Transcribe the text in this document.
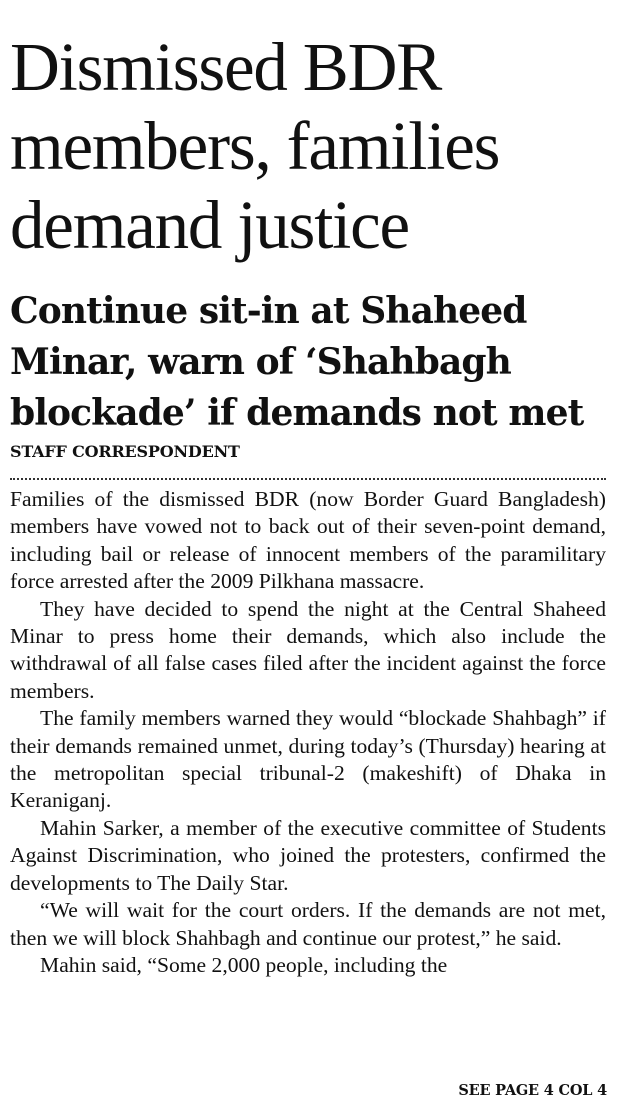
Dismissed BDR members, families demand justice
Continue sit-in at Shaheed Minar, warn of ‘Shahbagh blockade’ if demands not met
STAFF CORRESPONDENT

Families of the dismissed BDR (now Border Guard Bangladesh) members have vowed not to back out of their seven-point demand, including bail or release of innocent members of the paramilitary force arrested after the 2009 Pilkhana massacre.

They have decided to spend the night at the Central Shaheed Minar to press home their demands, which also include the withdrawal of all false cases filed after the incident against the force members.

The family members warned they would “blockade Shahbagh” if their demands remained unmet, during today’s (Thursday) hearing at the metropolitan special tribunal-2 (makeshift) of Dhaka in Keraniganj.

Mahin Sarker, a member of the executive committee of Students Against Discrimination, who joined the protesters, confirmed the developments to The Daily Star.

“We will wait for the court orders. If the demands are not met, then we will block Shahbagh and continue our protest,” he said.

Mahin said, “Some 2,000 people, including the

SEE PAGE 4 COL 4
